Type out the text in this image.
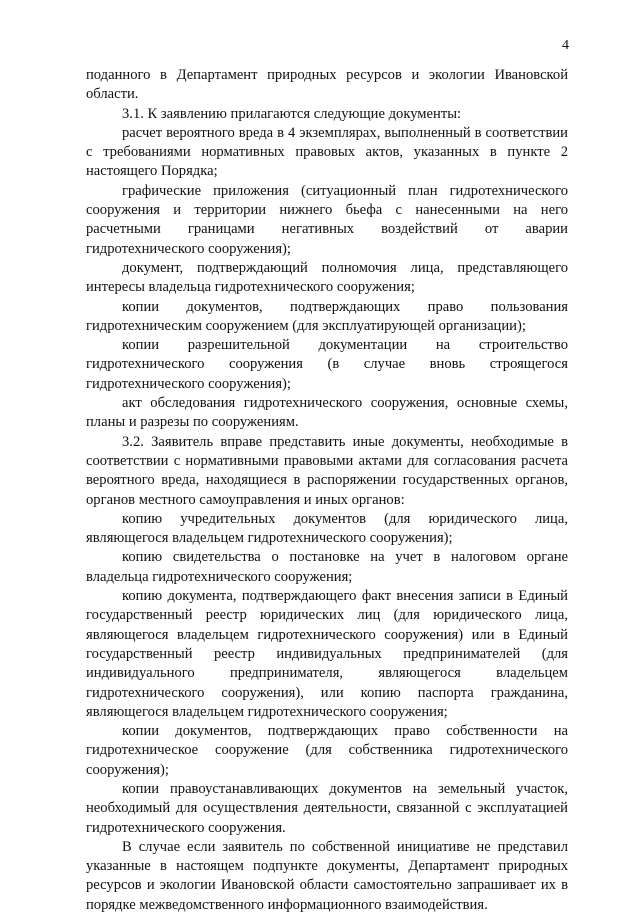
4

поданного в Департамент природных ресурсов и экологии Ивановской области.

3.1. К заявлению прилагаются следующие документы:

расчет вероятного вреда в 4 экземплярах, выполненный в соответствии с требованиями нормативных правовых актов, указанных в пункте 2 настоящего Порядка;

графические приложения (ситуационный план гидротехнического сооружения и территории нижнего бьефа с нанесенными на него расчетными границами негативных воздействий от аварии гидротехнического сооружения);

документ, подтверждающий полномочия лица, представляющего интересы владельца гидротехнического сооружения;

копии документов, подтверждающих право пользования гидротехническим сооружением (для эксплуатирующей организации);

копии разрешительной документации на строительство гидротехнического сооружения (в случае вновь строящегося гидротехнического сооружения);

акт обследования гидротехнического сооружения, основные схемы, планы и разрезы по сооружениям.

3.2. Заявитель вправе представить иные документы, необходимые в соответствии с нормативными правовыми актами для согласования расчета вероятного вреда, находящиеся в распоряжении государственных органов, органов местного самоуправления и иных органов:

копию учредительных документов (для юридического лица, являющегося владельцем гидротехнического сооружения);

копию свидетельства о постановке на учет в налоговом органе владельца гидротехнического сооружения;

копию документа, подтверждающего факт внесения записи в Единый государственный реестр юридических лиц (для юридического лица, являющегося владельцем гидротехнического сооружения) или в Единый государственный реестр индивидуальных предпринимателей (для индивидуального предпринимателя, являющегося владельцем гидротехнического сооружения), или копию паспорта гражданина, являющегося владельцем гидротехнического сооружения;

копии документов, подтверждающих право собственности на гидротехническое сооружение (для собственника гидротехнического сооружения);

копии правоустанавливающих документов на земельный участок, необходимый для осуществления деятельности, связанной с эксплуатацией гидротехнического сооружения.

В случае если заявитель по собственной инициативе не представил указанные в настоящем подпункте документы, Департамент природных ресурсов и экологии Ивановской области самостоятельно запрашивает их в порядке межведомственного информационного взаимодействия.
